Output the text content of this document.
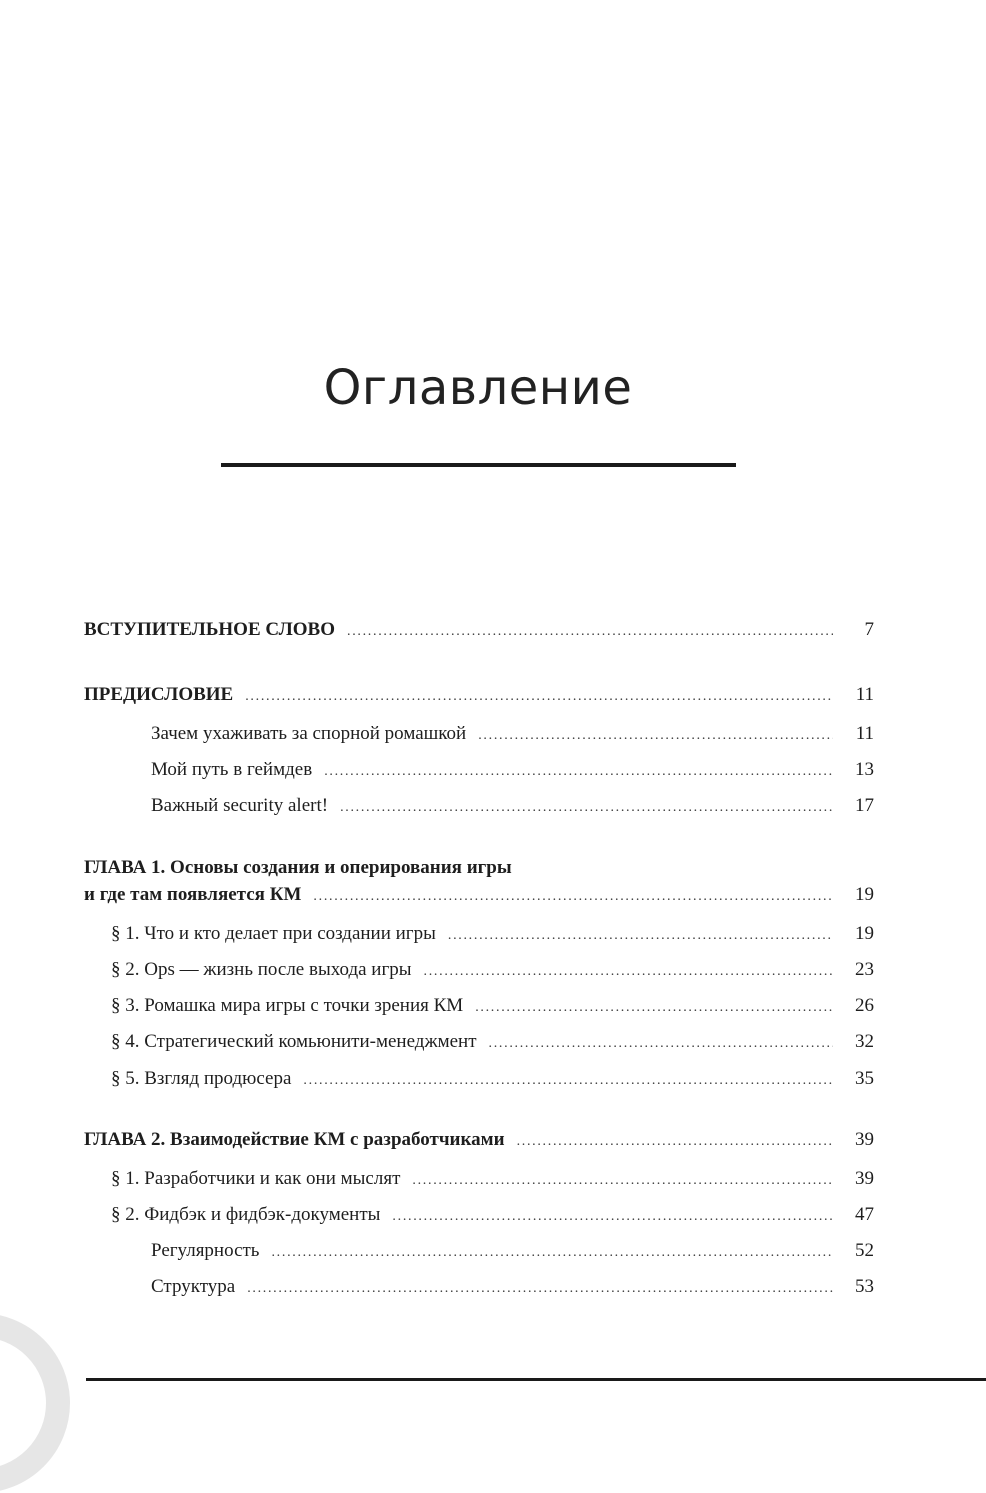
Оглавление
ВСТУПИТЕЛЬНОЕ СЛОВО . . .	7
ПРЕДИСЛОВИЕ . . .	11
Зачем ухаживать за спорной ромашкой . . .	11
Мой путь в геймдев . . .	13
Важный security alert! . . .	17
ГЛАВА 1. Основы создания и оперирования игры
и где там появляется КМ . . .	19
§ 1. Что и кто делает при создании игры . . .	19
§ 2. Ops — жизнь после выхода игры . . .	23
§ 3. Ромашка мира игры с точки зрения КМ . . .	26
§ 4. Стратегический комьюнити-менеджмент . . .	32
§ 5. Взгляд продюсера . . .	35
ГЛАВА 2. Взаимодействие КМ с разработчиками . . .	39
§ 1. Разработчики и как они мыслят . . .	39
§ 2. Фидбэк и фидбэк-документы . . .	47
Регулярность . . .	52
Структура . . .	53
